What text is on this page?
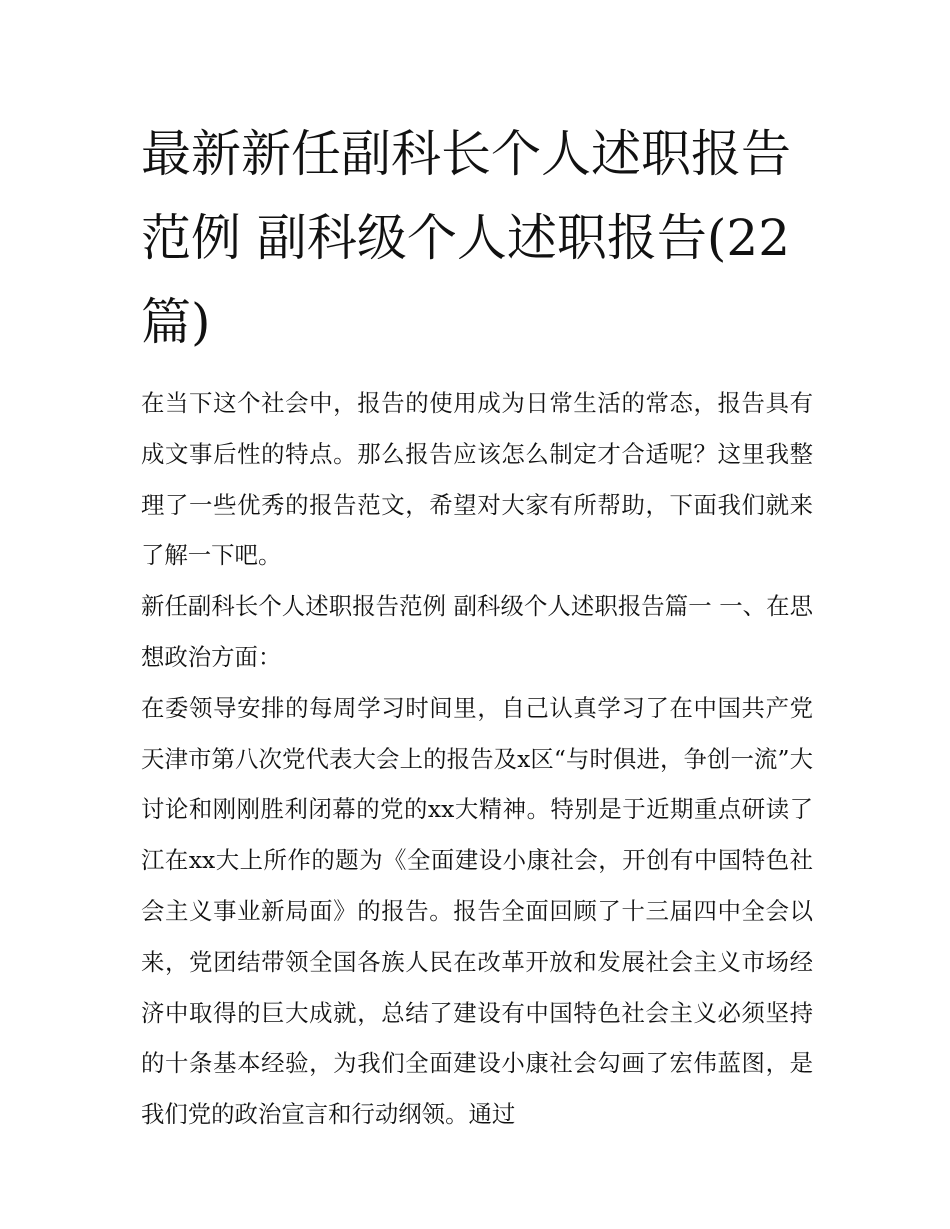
最新新任副科长个人述职报告范例 副科级个人述职报告(22篇)

在当下这个社会中，报告的使用成为日常生活的常态，报告具有成文事后性的特点。那么报告应该怎么制定才合适呢？这里我整理了一些优秀的报告范文，希望对大家有所帮助，下面我们就来了解一下吧。

新任副科长个人述职报告范例 副科级个人述职报告篇一 一、在思想政治方面：

在委领导安排的每周学习时间里，自己认真学习了在中国共产党天津市第八次党代表大会上的报告及x区“与时俱进，争创一流”大讨论和刚刚胜利闭幕的党的xx大精神。特别是于近期重点研读了江在xx大上所作的题为《全面建设小康社会，开创有中国特色社会主义事业新局面》的报告。报告全面回顾了十三届四中全会以来，党团结带领全国各族人民在改革开放和发展社会主义市场经济中取得的巨大成就，总结了建设有中国特色社会主义必须坚持的十条基本经验，为我们全面建设小康社会勾画了宏伟蓝图，是我们党的政治宣言和行动纲领。通过
